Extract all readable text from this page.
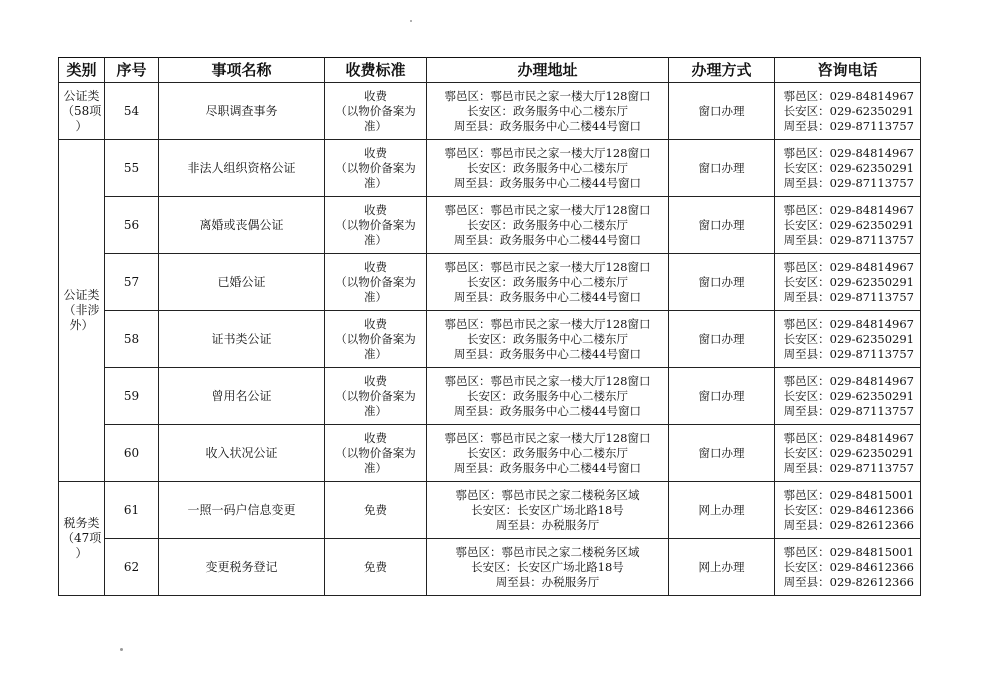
类别	序号	事项名称	收费标准	办理地址	办理方式	咨询电话

公证类
（58项
）	54	尽职调查事务	收费
（以物价备案为
准）	鄠邑区：鄠邑市民之家一楼大厅128窗口
长安区：政务服务中心二楼东厅
周至县：政务服务中心二楼44号窗口	窗口办理	鄠邑区：029-84814967
长安区：029-62350291
周至县：029-87113757

公证类
（非涉
外）	55	非法人组织资格公证	收费
（以物价备案为
准）	鄠邑区：鄠邑市民之家一楼大厅128窗口
长安区：政务服务中心二楼东厅
周至县：政务服务中心二楼44号窗口	窗口办理	鄠邑区：029-84814967
长安区：029-62350291
周至县：029-87113757

	56	离婚或丧偶公证	收费
（以物价备案为
准）	鄠邑区：鄠邑市民之家一楼大厅128窗口
长安区：政务服务中心二楼东厅
周至县：政务服务中心二楼44号窗口	窗口办理	鄠邑区：029-84814967
长安区：029-62350291
周至县：029-87113757

	57	已婚公证	收费
（以物价备案为
准）	鄠邑区：鄠邑市民之家一楼大厅128窗口
长安区：政务服务中心二楼东厅
周至县：政务服务中心二楼44号窗口	窗口办理	鄠邑区：029-84814967
长安区：029-62350291
周至县：029-87113757

	58	证书类公证	收费
（以物价备案为
准）	鄠邑区：鄠邑市民之家一楼大厅128窗口
长安区：政务服务中心二楼东厅
周至县：政务服务中心二楼44号窗口	窗口办理	鄠邑区：029-84814967
长安区：029-62350291
周至县：029-87113757

	59	曾用名公证	收费
（以物价备案为
准）	鄠邑区：鄠邑市民之家一楼大厅128窗口
长安区：政务服务中心二楼东厅
周至县：政务服务中心二楼44号窗口	窗口办理	鄠邑区：029-84814967
长安区：029-62350291
周至县：029-87113757

	60	收入状况公证	收费
（以物价备案为
准）	鄠邑区：鄠邑市民之家一楼大厅128窗口
长安区：政务服务中心二楼东厅
周至县：政务服务中心二楼44号窗口	窗口办理	鄠邑区：029-84814967
长安区：029-62350291
周至县：029-87113757

税务类
（47项
）	61	一照一码户信息变更	免费	鄠邑区：鄠邑市民之家二楼税务区域
长安区：长安区广场北路18号
周至县：办税服务厅	网上办理	鄠邑区：029-84815001
长安区：029-84612366
周至县：029-82612366

	62	变更税务登记	免费	鄠邑区：鄠邑市民之家二楼税务区域
长安区：长安区广场北路18号
周至县：办税服务厅	网上办理	鄠邑区：029-84815001
长安区：029-84612366
周至县：029-82612366
